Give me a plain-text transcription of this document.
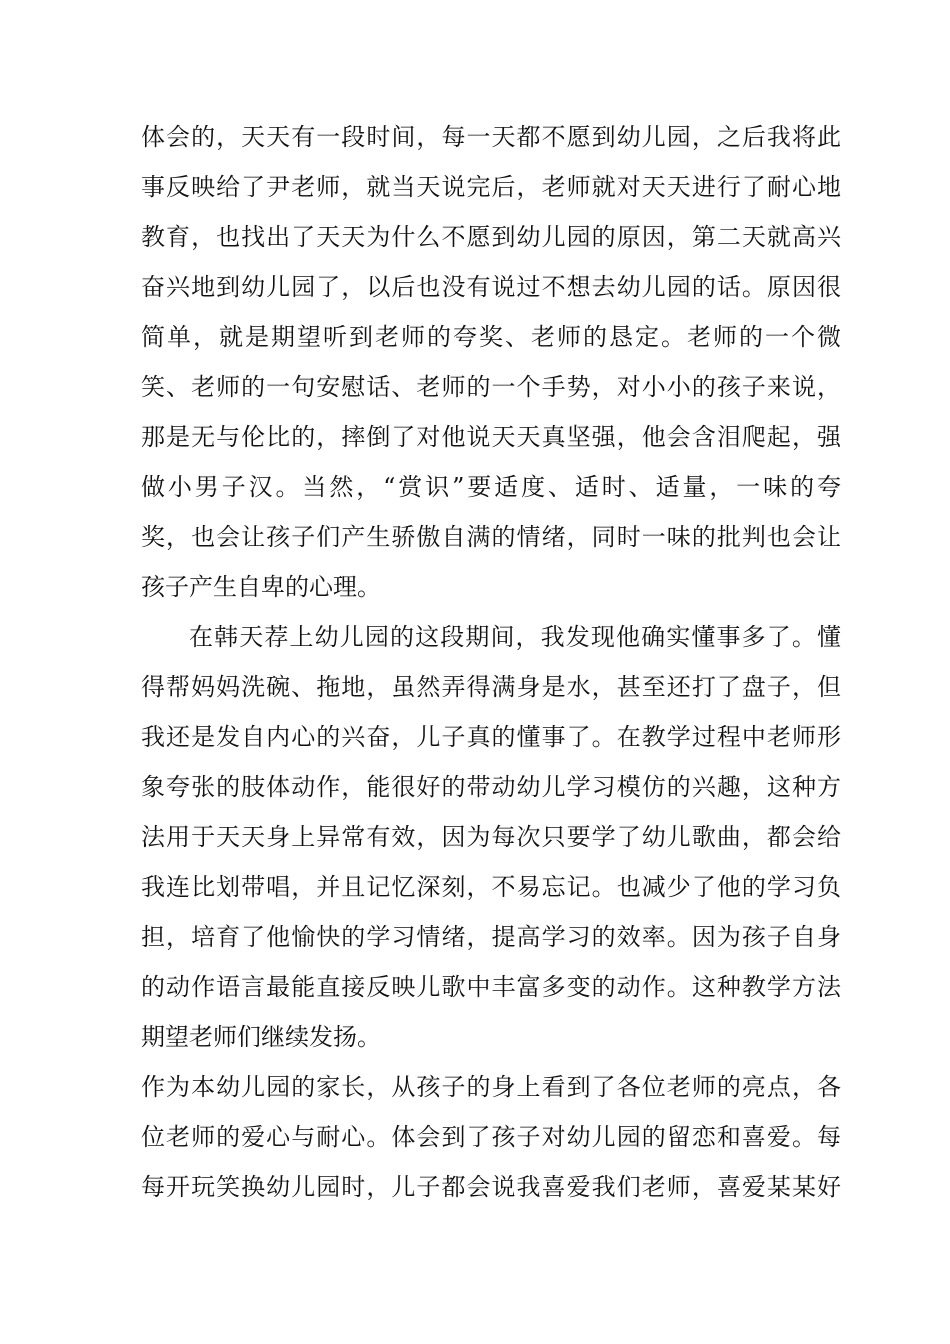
体会的，天天有一段时间，每一天都不愿到幼儿园，之后我将此
事反映给了尹老师，就当天说完后，老师就对天天进行了耐心地
教育，也找出了天天为什么不愿到幼儿园的原因，第二天就高兴
奋兴地到幼儿园了，以后也没有说过不想去幼儿园的话。原因很
简单，就是期望听到老师的夸奖、老师的恳定。老师的一个微
笑、老师的一句安慰话、老师的一个手势，对小小的孩子来说，
那是无与伦比的，摔倒了对他说天天真坚强，他会含泪爬起，强
做小男子汉。当然，“赏识”要适度、适时、适量，一味的夸
奖，也会让孩子们产生骄傲自满的情绪，同时一味的批判也会让
孩子产生自卑的心理。
在韩天荐上幼儿园的这段期间，我发现他确实懂事多了。懂
得帮妈妈洗碗、拖地，虽然弄得满身是水，甚至还打了盘子，但
我还是发自内心的兴奋，儿子真的懂事了。在教学过程中老师形
象夸张的肢体动作，能很好的带动幼儿学习模仿的兴趣，这种方
法用于天天身上异常有效，因为每次只要学了幼儿歌曲，都会给
我连比划带唱，并且记忆深刻，不易忘记。也减少了他的学习负
担，培育了他愉快的学习情绪，提高学习的效率。因为孩子自身
的动作语言最能直接反映儿歌中丰富多变的动作。这种教学方法
期望老师们继续发扬。
作为本幼儿园的家长，从孩子的身上看到了各位老师的亮点，各
位老师的爱心与耐心。体会到了孩子对幼儿园的留恋和喜爱。每
每开玩笑换幼儿园时，儿子都会说我喜爱我们老师，喜爱某某好
